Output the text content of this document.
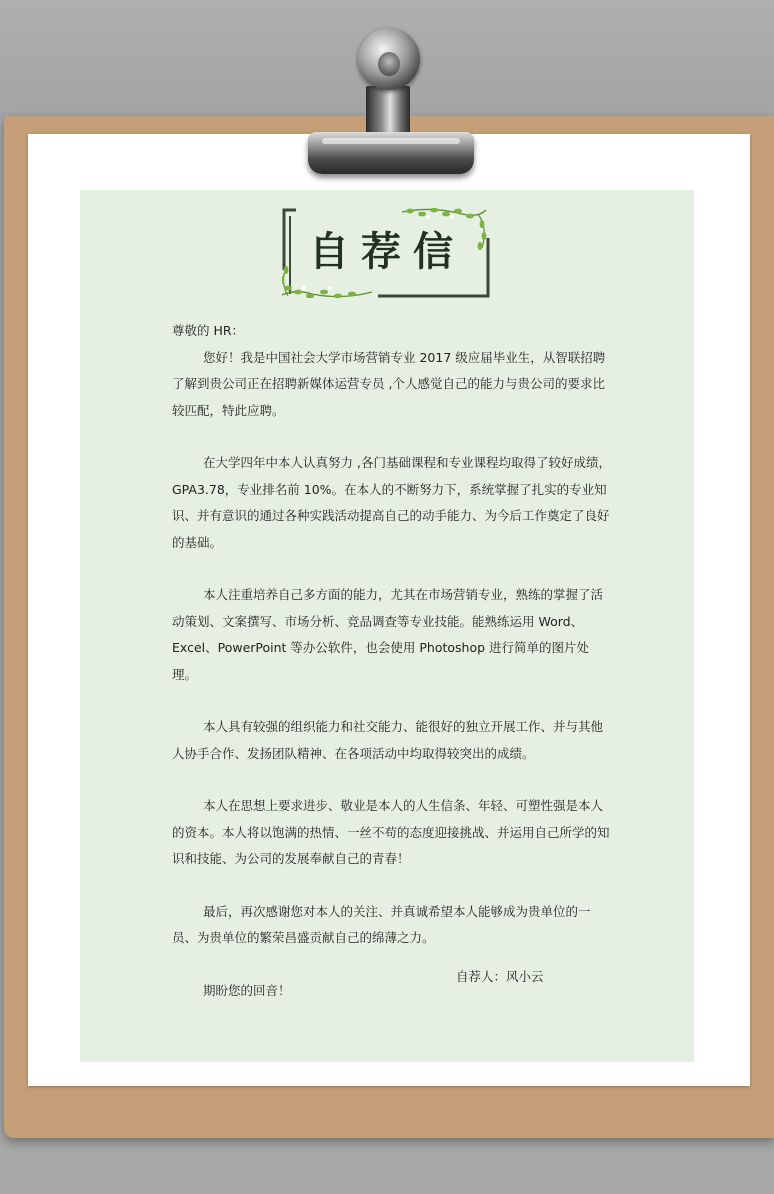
自荐信

尊敬的 HR：

您好！我是中国社会大学市场营销专业 2017 级应届毕业生，从智联招聘了解到贵公司正在招聘新媒体运营专员 ,个人感觉自己的能力与贵公司的要求比较匹配，特此应聘。

在大学四年中本人认真努力 ,各门基础课程和专业课程均取得了较好成绩，GPA3.78，专业排名前 10%。在本人的不断努力下，系统掌握了扎实的专业知识、并有意识的通过各种实践活动提高自己的动手能力、为今后工作奠定了良好的基础。

本人注重培养自己多方面的能力，尤其在市场营销专业，熟练的掌握了活动策划、文案撰写、市场分析、竞品调查等专业技能。能熟练运用 Word、Excel、PowerPoint 等办公软件，也会使用 Photoshop 进行简单的图片处理。

本人具有较强的组织能力和社交能力、能很好的独立开展工作、并与其他人协手合作、发扬团队精神、在各项活动中均取得较突出的成绩。

本人在思想上要求进步、敬业是本人的人生信条、年轻、可塑性强是本人的资本。本人将以饱满的热情、一丝不苟的态度迎接挑战、并运用自己所学的知识和技能、为公司的发展奉献自己的青春！

最后，再次感谢您对本人的关注、并真诚希望本人能够成为贵单位的一员、为贵单位的繁荣昌盛贡献自己的绵薄之力。

期盼您的回音！

自荐人：风小云
